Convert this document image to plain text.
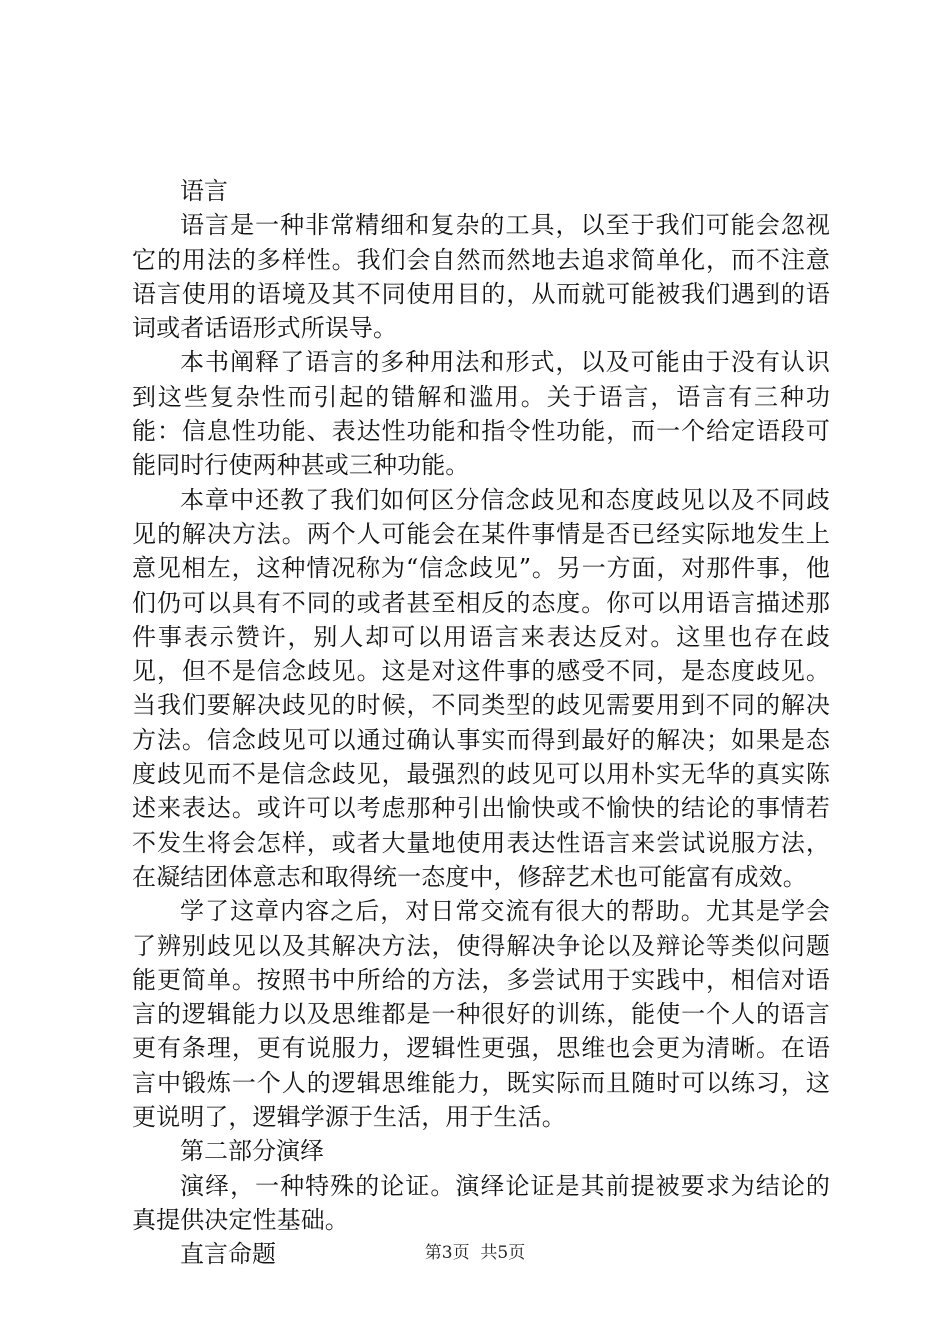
语言

语言是一种非常精细和复杂的工具，以至于我们可能会忽视它的用法的多样性。我们会自然而然地去追求简单化，而不注意语言使用的语境及其不同使用目的，从而就可能被我们遇到的语词或者话语形式所误导。

本书阐释了语言的多种用法和形式，以及可能由于没有认识到这些复杂性而引起的错解和滥用。关于语言，语言有三种功能：信息性功能、表达性功能和指令性功能，而一个给定语段可能同时行使两种甚或三种功能。

本章中还教了我们如何区分信念歧见和态度歧见以及不同歧见的解决方法。两个人可能会在某件事情是否已经实际地发生上意见相左，这种情况称为“信念歧见”。另一方面，对那件事，他们仍可以具有不同的或者甚至相反的态度。你可以用语言描述那件事表示赞许，别人却可以用语言来表达反对。这里也存在歧见，但不是信念歧见。这是对这件事的感受不同，是态度歧见。当我们要解决歧见的时候，不同类型的歧见需要用到不同的解决方法。信念歧见可以通过确认事实而得到最好的解决；如果是态度歧见而不是信念歧见，最强烈的歧见可以用朴实无华的真实陈述来表达。或许可以考虑那种引出愉快或不愉快的结论的事情若不发生将会怎样，或者大量地使用表达性语言来尝试说服方法，在凝结团体意志和取得统一态度中，修辞艺术也可能富有成效。

学了这章内容之后，对日常交流有很大的帮助。尤其是学会了辨别歧见以及其解决方法，使得解决争论以及辩论等类似问题能更简单。按照书中所给的方法，多尝试用于实践中，相信对语言的逻辑能力以及思维都是一种很好的训练，能使一个人的语言更有条理，更有说服力，逻辑性更强，思维也会更为清晰。在语言中锻炼一个人的逻辑思维能力，既实际而且随时可以练习，这更说明了，逻辑学源于生活，用于生活。

第二部分演绎

演绎，一种特殊的论证。演绎论证是其前提被要求为结论的真提供决定性基础。

直言命题	第3页  共5页
